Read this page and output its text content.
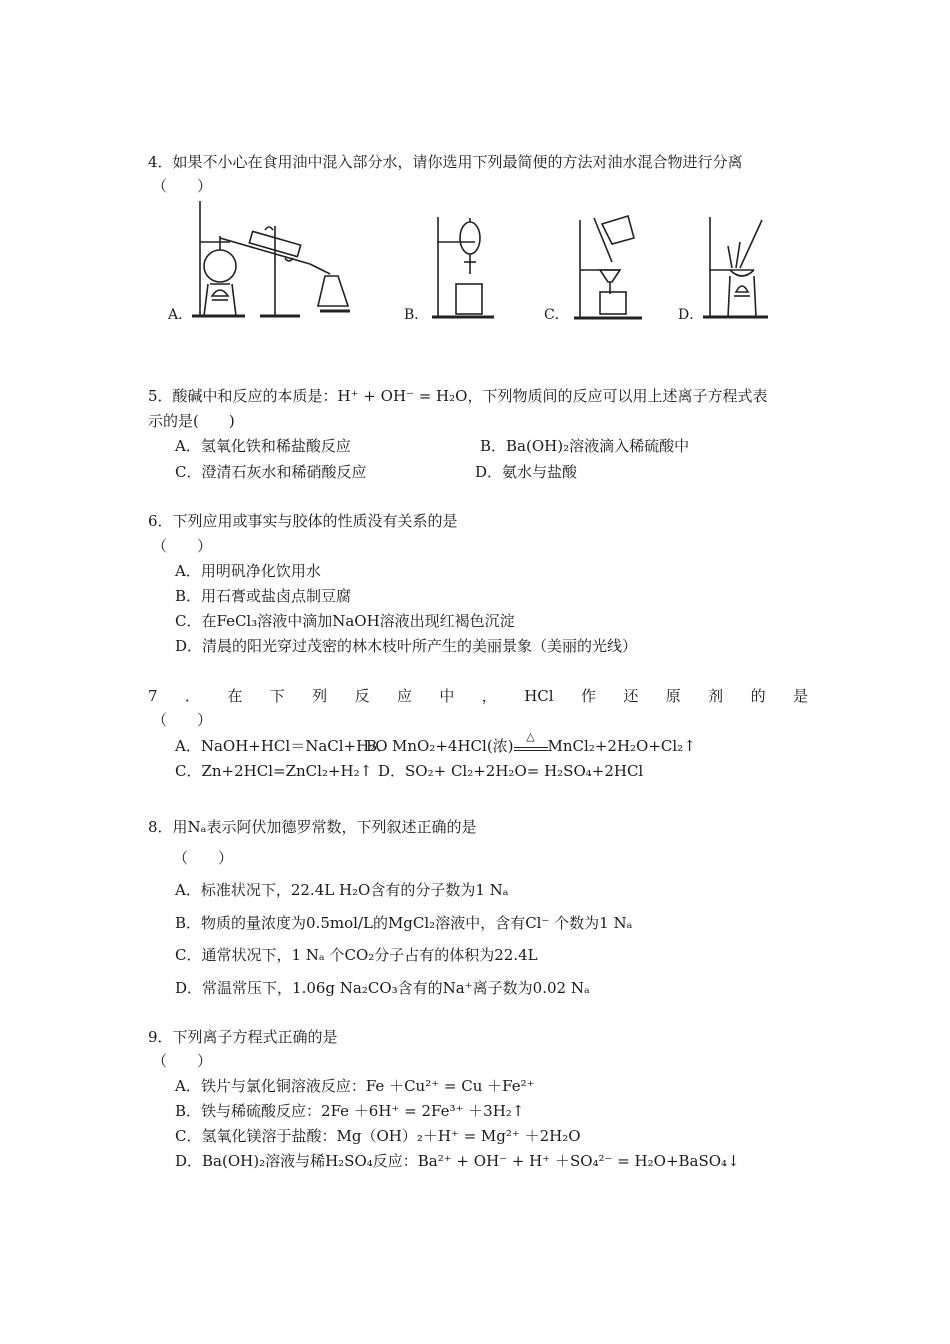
4．如果不小心在食用油中混入部分水，请你选用下列最简便的方法对油水混合物进行分离
（　　）
A．	B．	C．	D．
5．酸碱中和反应的本质是：H⁺ + OH⁻ = H₂O，下列物质间的反应可以用上述离子方程式表
示的是(　　)
A．氢氧化铁和稀盐酸反应	B．Ba(OH)₂溶液滴入稀硫酸中
C．澄清石灰水和稀硝酸反应	D．氨水与盐酸
6．下列应用或事实与胶体的性质没有关系的是
（　　）
A．用明矾净化饮用水
B．用石膏或盐卤点制豆腐
C．在FeCl₃溶液中滴加NaOH溶液出现红褐色沉淀
D．清晨的阳光穿过茂密的林木枝叶所产生的美丽景象（美丽的光线）
7 ． 在 下 列 反 应 中 ， HCl 作 还 原 剂 的 是
（　　）
A．NaOH+HCl＝NaCl+H₂O
B．MnO₂+4HCl(浓)
△
MnCl₂+2H₂O+Cl₂↑
C．Zn+2HCl=ZnCl₂+H₂↑ D．SO₂+ Cl₂+2H₂O= H₂SO₄+2HCl
8．用Nₐ表示阿伏加德罗常数，下列叙述正确的是
（　　）
A．标准状况下，22.4L H₂O含有的分子数为1 Nₐ
B．物质的量浓度为0.5mol/L的MgCl₂溶液中，含有Cl⁻ 个数为1 Nₐ
C．通常状况下，1 Nₐ 个CO₂分子占有的体积为22.4L
D．常温常压下，1.06g Na₂CO₃含有的Na⁺离子数为0.02 Nₐ
9．下列离子方程式正确的是
（　　）
A．铁片与氯化铜溶液反应：Fe ＋Cu²⁺ = Cu ＋Fe²⁺
B．铁与稀硫酸反应：2Fe ＋6H⁺ = 2Fe³⁺ ＋3H₂↑
C．氢氧化镁溶于盐酸：Mg（OH）₂＋H⁺ = Mg²⁺ ＋2H₂O
D．Ba(OH)₂溶液与稀H₂SO₄反应：Ba²⁺ + OH⁻ + H⁺ ＋SO₄²⁻ = H₂O+BaSO₄↓
